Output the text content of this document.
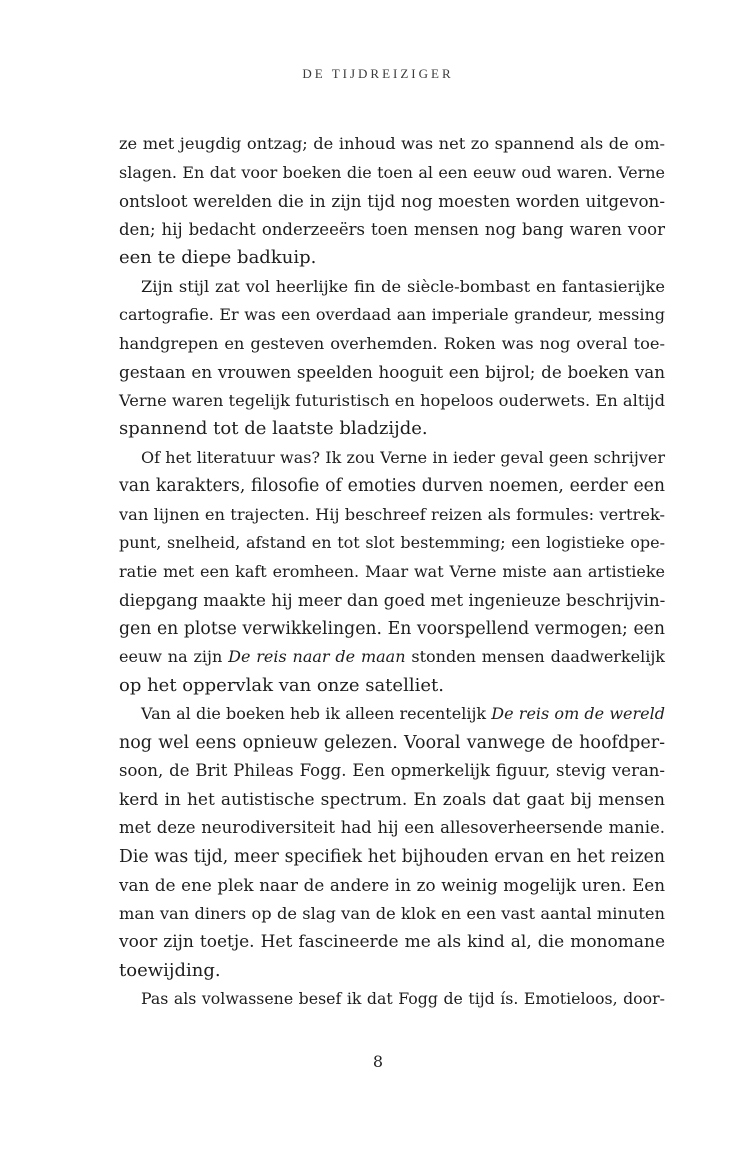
DE TIJDREIZIGER
ze met jeugdig ontzag; de inhoud was net zo spannend als de om-
slagen. En dat voor boeken die toen al een eeuw oud waren. Verne
ontsloot werelden die in zijn tijd nog moesten worden uitgevon-
den; hij bedacht onderzeeërs toen mensen nog bang waren voor
een te diepe badkuip.
Zijn stijl zat vol heerlijke fin de siècle-bombast en fantasierijke
cartografie. Er was een overdaad aan imperiale grandeur, messing
handgrepen en gesteven overhemden. Roken was nog overal toe-
gestaan en vrouwen speelden hooguit een bijrol; de boeken van
Verne waren tegelijk futuristisch en hopeloos ouderwets. En altijd
spannend tot de laatste bladzijde.
Of het literatuur was? Ik zou Verne in ieder geval geen schrijver
van karakters, filosofie of emoties durven noemen, eerder een
van lijnen en trajecten. Hij beschreef reizen als formules: vertrek-
punt, snelheid, afstand en tot slot bestemming; een logistieke ope-
ratie met een kaft eromheen. Maar wat Verne miste aan artistieke
diepgang maakte hij meer dan goed met ingenieuze beschrijvin-
gen en plotse verwikkelingen. En voorspellend vermogen; een
eeuw na zijn De reis naar de maan stonden mensen daadwerkelijk
op het oppervlak van onze satelliet.
Van al die boeken heb ik alleen recentelijk De reis om de wereld
nog wel eens opnieuw gelezen. Vooral vanwege de hoofdper-
soon, de Brit Phileas Fogg. Een opmerkelijk figuur, stevig veran-
kerd in het autistische spectrum. En zoals dat gaat bij mensen
met deze neurodiversiteit had hij een allesoverheersende manie.
Die was tijd, meer specifiek het bijhouden ervan en het reizen
van de ene plek naar de andere in zo weinig mogelijk uren. Een
man van diners op de slag van de klok en een vast aantal minuten
voor zijn toetje. Het fascineerde me als kind al, die monomane
toewijding.
Pas als volwassene besef ik dat Fogg de tijd ís. Emotieloos, door-
8
